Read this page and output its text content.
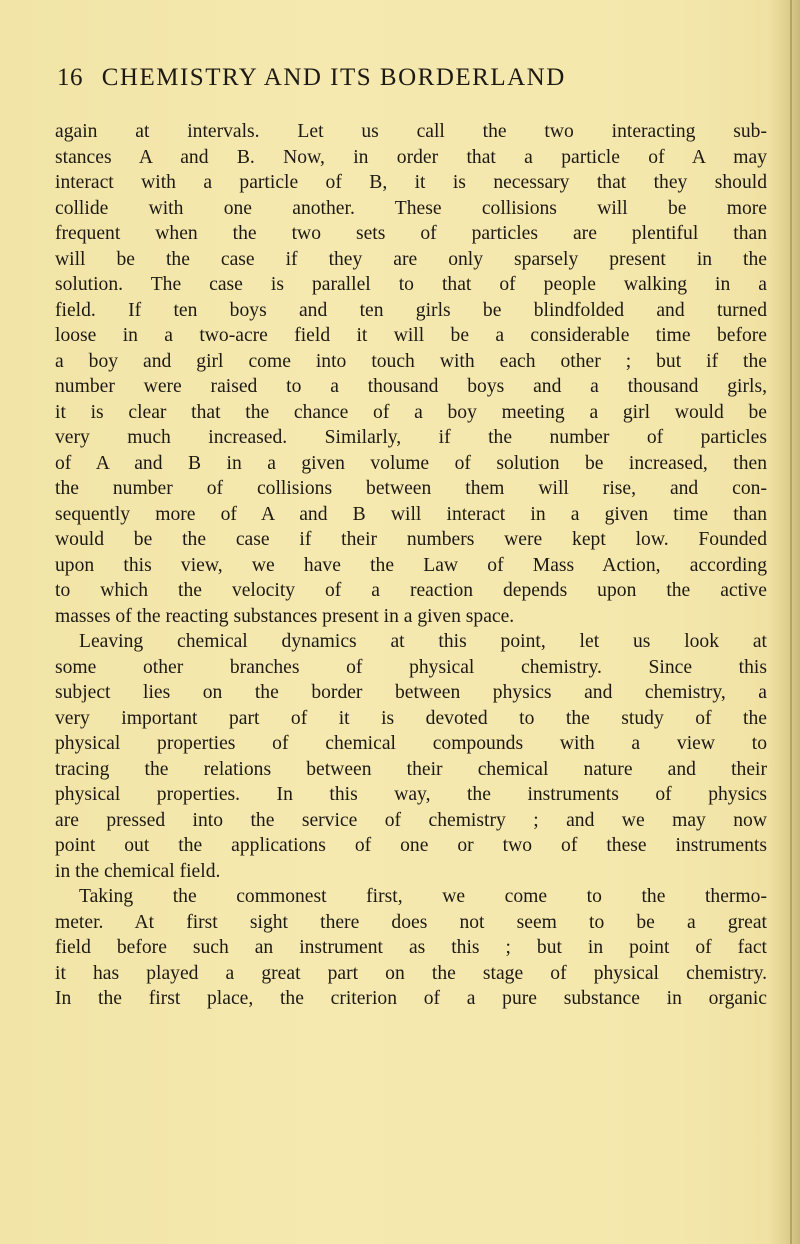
16 CHEMISTRY AND ITS BORDERLAND
again at intervals. Let us call the two interacting sub-
stances A and B. Now, in order that a particle of A may
interact with a particle of B, it is necessary that they should
collide with one another. These collisions will be more
frequent when the two sets of particles are plentiful than
will be the case if they are only sparsely present in the
solution. The case is parallel to that of people walking in a
field. If ten boys and ten girls be blindfolded and turned
loose in a two-acre field it will be a considerable time before
a boy and girl come into touch with each other ; but if the
number were raised to a thousand boys and a thousand girls,
it is clear that the chance of a boy meeting a girl would be
very much increased. Similarly, if the number of particles
of A and B in a given volume of solution be increased, then
the number of collisions between them will rise, and con-
sequently more of A and B will interact in a given time than
would be the case if their numbers were kept low. Founded
upon this view, we have the Law of Mass Action, according
to which the velocity of a reaction depends upon the active
masses of the reacting substances present in a given space.
Leaving chemical dynamics at this point, let us look at
some other branches of physical chemistry. Since this
subject lies on the border between physics and chemistry, a
very important part of it is devoted to the study of the
physical properties of chemical compounds with a view to
tracing the relations between their chemical nature and their
physical properties. In this way, the instruments of physics
are pressed into the service of chemistry ; and we may now
point out the applications of one or two of these instruments
in the chemical field.
Taking the commonest first, we come to the thermo-
meter. At first sight there does not seem to be a great
field before such an instrument as this ; but in point of fact
it has played a great part on the stage of physical chemistry.
In the first place, the criterion of a pure substance in organic
